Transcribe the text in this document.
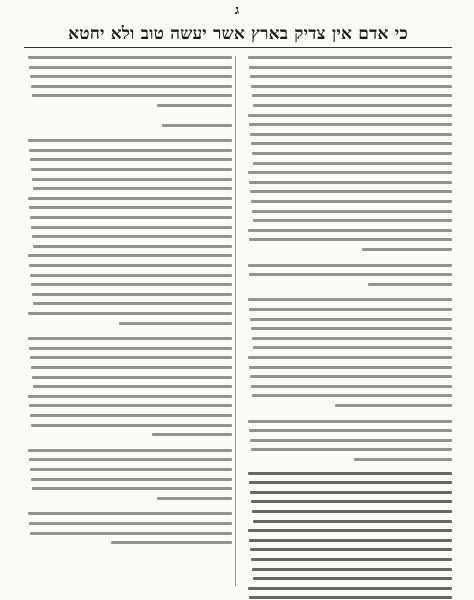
ג
כי אדם אין צדיק בארץ אשר יעשה טוב ולא יחטא
